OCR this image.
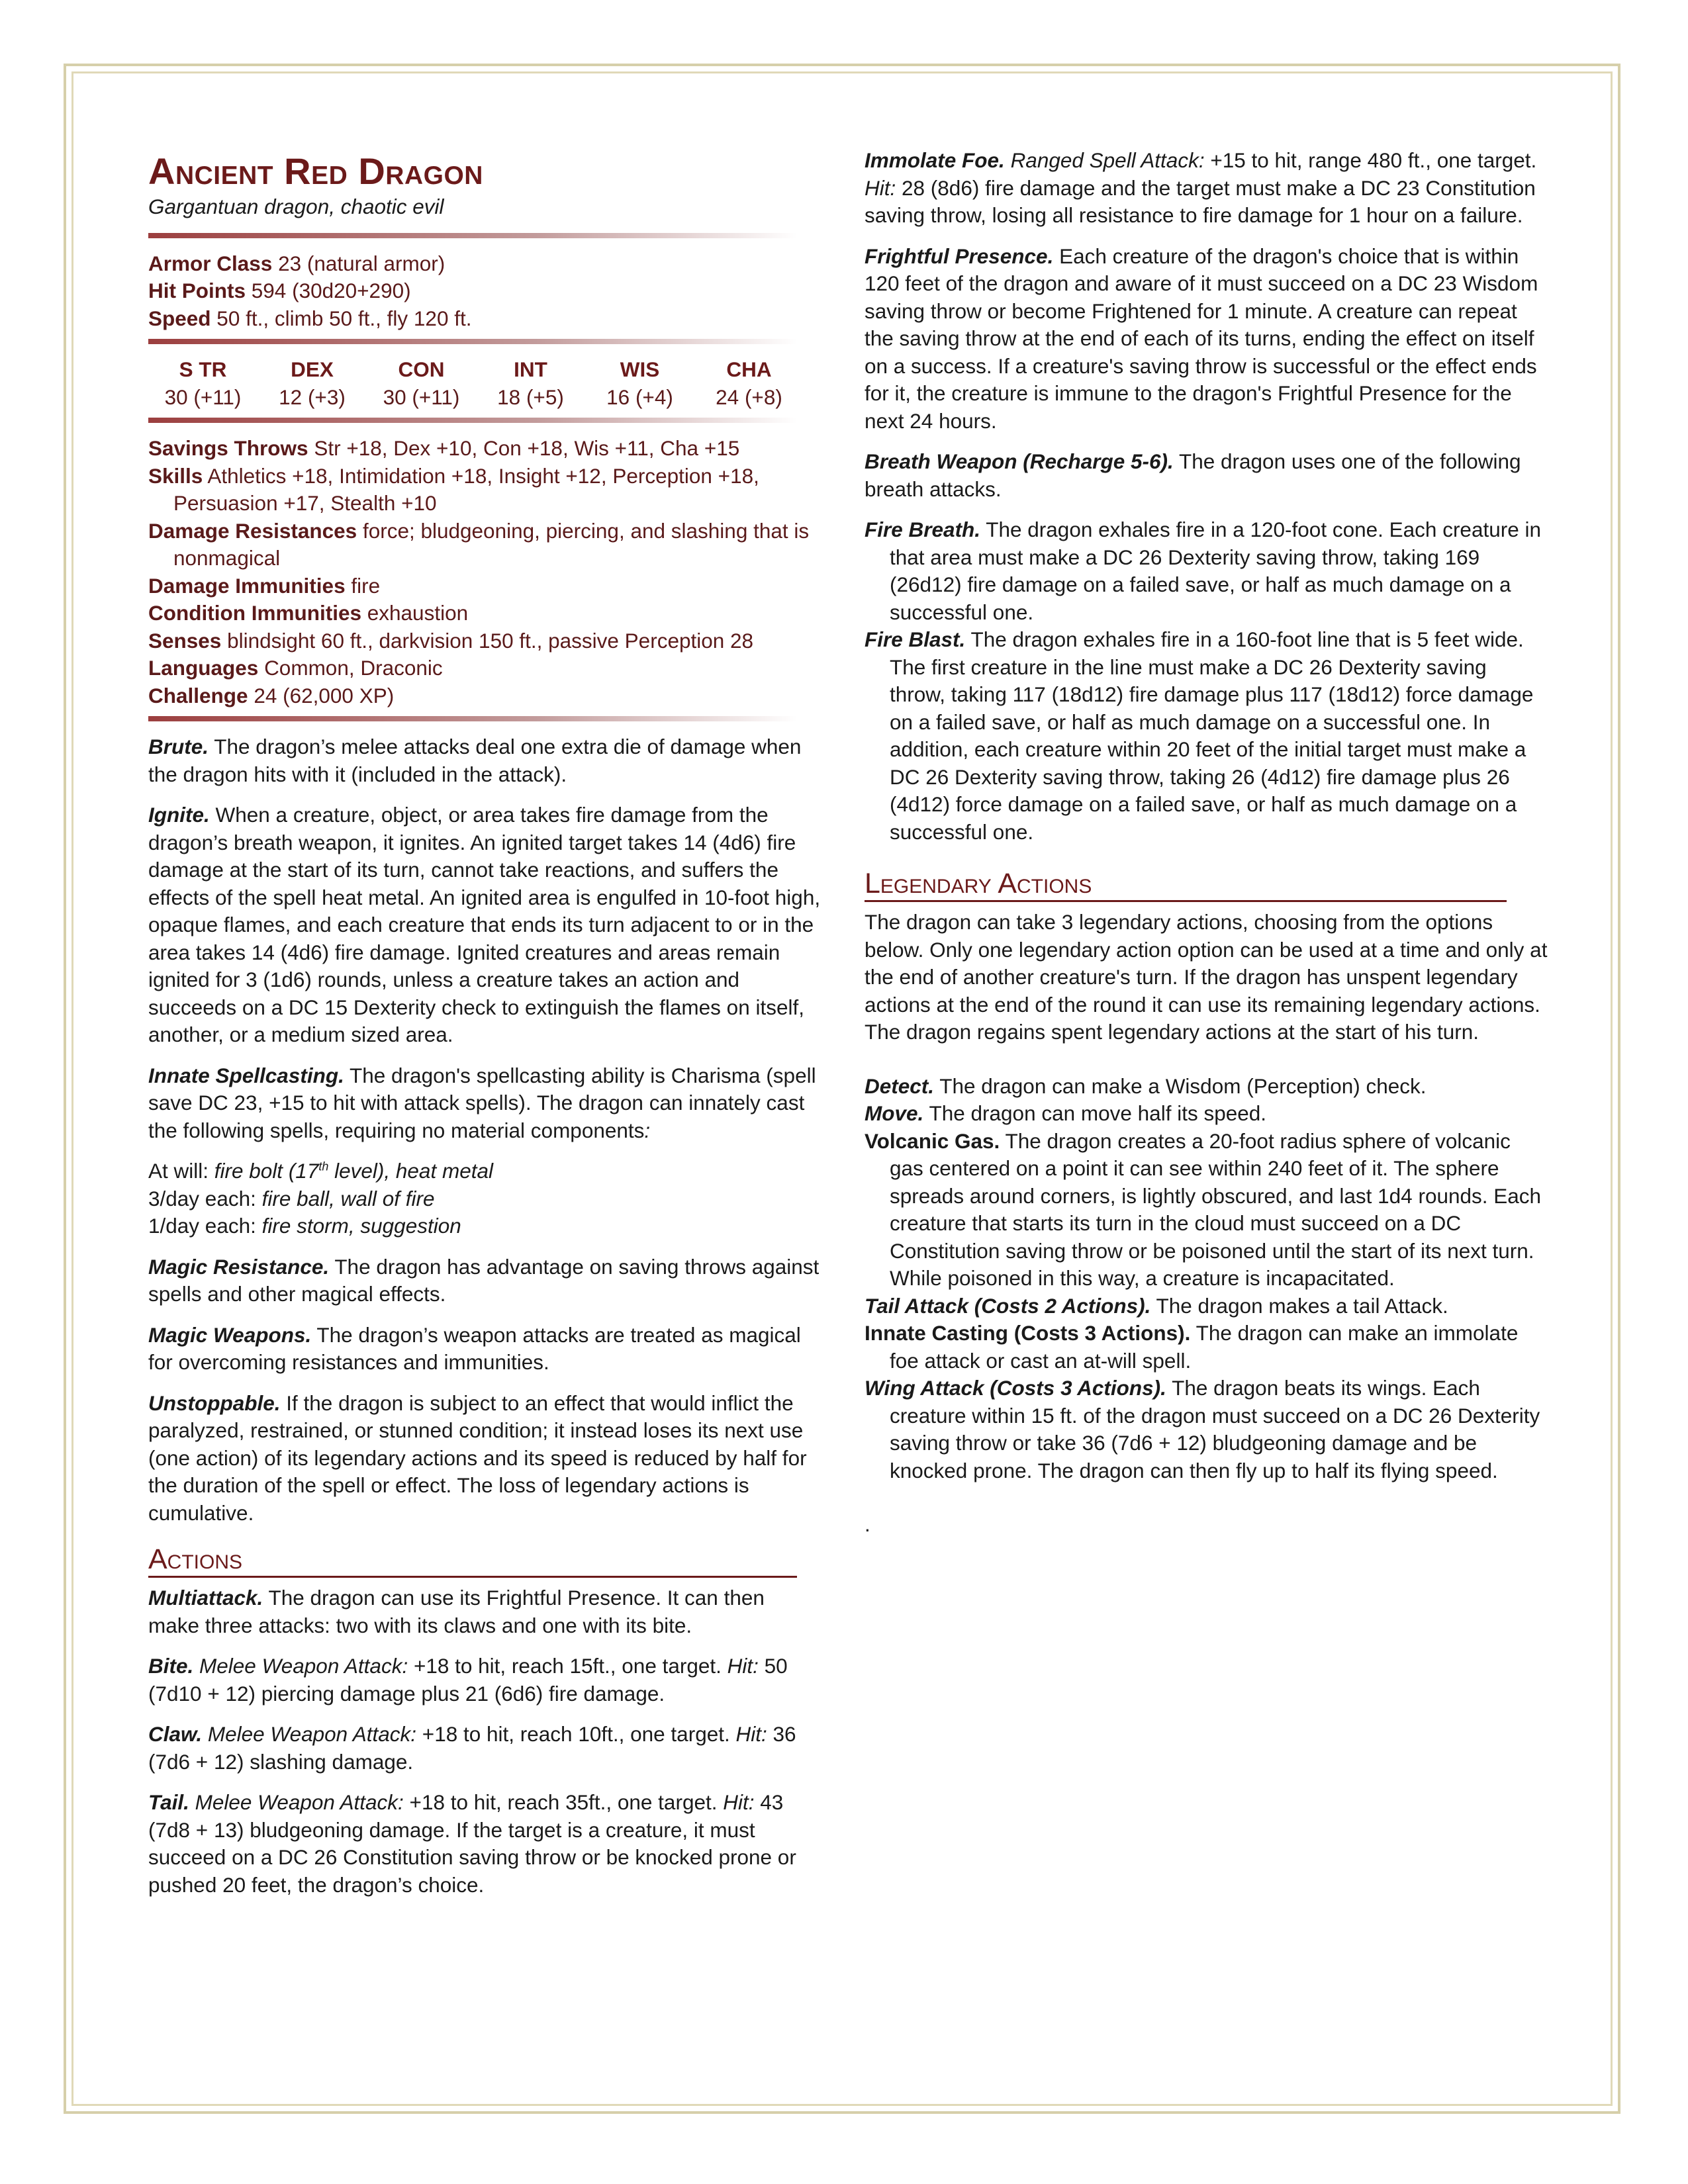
Ancient Red Dragon

Gargantuan dragon, chaotic evil

Armor Class 23 (natural armor)

Hit Points 594 (30d20+290)

Speed 50 ft., climb 50 ft., fly 120 ft.

S TR	DEX	CON	INT	WIS	CHA
30 (+11)	12 (+3)	30 (+11)	18 (+5)	16 (+4)	24 (+8)

Savings Throws Str +18, Dex +10, Con +18, Wis +11, Cha +15

Skills Athletics +18, Intimidation +18, Insight +12, Perception +18, Persuasion +17, Stealth +10

Damage Resistances force; bludgeoning, piercing, and slashing that is nonmagical

Damage Immunities fire

Condition Immunities exhaustion

Senses blindsight 60 ft., darkvision 150 ft., passive Perception 28

Languages Common, Draconic

Challenge 24 (62,000 XP)

Brute. The dragon’s melee attacks deal one extra die of damage when the dragon hits with it (included in the attack).

Ignite. When a creature, object, or area takes fire damage from the dragon’s breath weapon, it ignites. An ignited target takes 14 (4d6) fire damage at the start of its turn, cannot take reactions, and suffers the effects of the spell heat metal. An ignited area is engulfed in 10-foot high, opaque flames, and each creature that ends its turn adjacent to or in the area takes 14 (4d6) fire damage. Ignited creatures and areas remain ignited for 3 (1d6) rounds, unless a creature takes an action and succeeds on a DC 15 Dexterity check to extinguish the flames on itself, another, or a medium sized area.

Innate Spellcasting. The dragon's spellcasting ability is Charisma (spell save DC 23, +15 to hit with attack spells). The dragon can innately cast the following spells, requiring no material components:

At will: fire bolt (17th level), heat metal

3/day each: fire ball, wall of fire

1/day each: fire storm, suggestion

Magic Resistance. The dragon has advantage on saving throws against spells and other magical effects.

Magic Weapons. The dragon’s weapon attacks are treated as magical for overcoming resistances and immunities.

Unstoppable. If the dragon is subject to an effect that would inflict the paralyzed, restrained, or stunned condition; it instead loses its next use (one action) of its legendary actions and its speed is reduced by half for the duration of the spell or effect. The loss of legendary actions is cumulative.

Actions

Multiattack. The dragon can use its Frightful Presence. It can then make three attacks: two with its claws and one with its bite.

Bite. Melee Weapon Attack: +18 to hit, reach 15ft., one target. Hit: 50 (7d10 + 12) piercing damage plus 21 (6d6) fire damage.

Claw. Melee Weapon Attack: +18 to hit, reach 10ft., one target. Hit: 36 (7d6 + 12) slashing damage.

Tail. Melee Weapon Attack: +18 to hit, reach 35ft., one target. Hit: 43 (7d8 + 13) bludgeoning damage. If the target is a creature, it must succeed on a DC 26 Constitution saving throw or be knocked prone or pushed 20 feet, the dragon’s choice.

Immolate Foe. Ranged Spell Attack: +15 to hit, range 480 ft., one target. Hit: 28 (8d6) fire damage and the target must make a DC 23 Constitution saving throw, losing all resistance to fire damage for 1 hour on a failure.

Frightful Presence. Each creature of the dragon's choice that is within 120 feet of the dragon and aware of it must succeed on a DC 23 Wisdom saving throw or become Frightened for 1 minute. A creature can repeat the saving throw at the end of each of its turns, ending the effect on itself on a success. If a creature's saving throw is successful or the effect ends for it, the creature is immune to the dragon's Frightful Presence for the next 24 hours.

Breath Weapon (Recharge 5-6). The dragon uses one of the following breath attacks.

Fire Breath. The dragon exhales fire in a 120-foot cone. Each creature in that area must make a DC 26 Dexterity saving throw, taking 169 (26d12) fire damage on a failed save, or half as much damage on a successful one.

Fire Blast. The dragon exhales fire in a 160-foot line that is 5 feet wide. The first creature in the line must make a DC 26 Dexterity saving throw, taking 117 (18d12) fire damage plus 117 (18d12) force damage on a failed save, or half as much damage on a successful one. In addition, each creature within 20 feet of the initial target must make a DC 26 Dexterity saving throw, taking 26 (4d12) fire damage plus 26 (4d12) force damage on a failed save, or half as much damage on a successful one.

Legendary Actions

The dragon can take 3 legendary actions, choosing from the options below. Only one legendary action option can be used at a time and only at the end of another creature's turn. If the dragon has unspent legendary actions at the end of the round it can use its remaining legendary actions. The dragon regains spent legendary actions at the start of his turn.

Detect. The dragon can make a Wisdom (Perception) check.

Move. The dragon can move half its speed.

Volcanic Gas. The dragon creates a 20-foot radius sphere of volcanic gas centered on a point it can see within 240 feet of it. The sphere spreads around corners, is lightly obscured, and last 1d4 rounds. Each creature that starts its turn in the cloud must succeed on a DC Constitution saving throw or be poisoned until the start of its next turn. While poisoned in this way, a creature is incapacitated.

Tail Attack (Costs 2 Actions). The dragon makes a tail Attack.

Innate Casting (Costs 3 Actions). The dragon can make an immolate foe attack or cast an at-will spell.

Wing Attack (Costs 3 Actions). The dragon beats its wings. Each creature within 15 ft. of the dragon must succeed on a DC 26 Dexterity saving throw or take 36 (7d6 + 12) bludgeoning damage and be knocked prone. The dragon can then fly up to half its flying speed.

.
